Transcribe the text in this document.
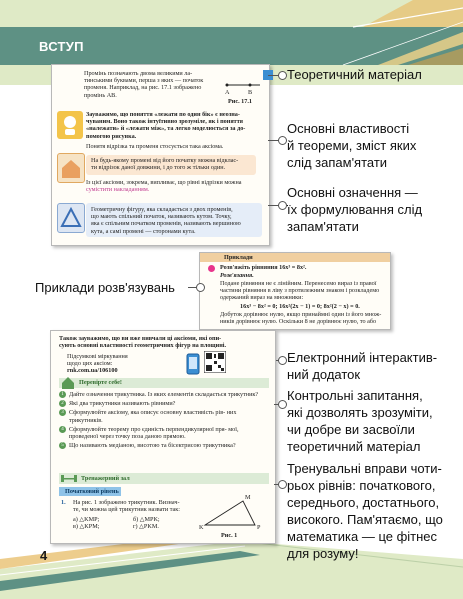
ВСТУП
4
Промінь позначають двома великими ла-
тинськими буквами, перша з яких — початок
променя. Наприклад, на рис. 17.1 зображено
промінь AB.	A	B
Рис. 17.1
Зауважимо, що поняття «лежати по один бік» є неозна-
чуваним. Воно також інтуїтивно зрозуміле, як і поняття
«належати» й «лежати між», та легко моделюється за до-
помогою рисунка.
Понятя відрізка та променя стосується така аксіома.
На будь-якому промені від його початку можна відклас-
ти відрізок даної довжини, і до того ж тільки один.
Із цієї аксіоми, зокрема, випливає, що рівні відрізки можна
сумістити накладанням.
Геометричну фігуру, яка складається з двох променів,
що мають спільний початок, називають кутом. Точку,
яка є спільним початком променів, називають вершиною
кута, а самі промені — сторонами кута.
Теоретичний матеріал
Основні властивості
й теореми, зміст яких
слід запам'ятати
Основні означення —
їх формулювання слід
запам'ятати
Приклади
Розв'яжіть рівняння 16x³ = 8x².
Розв'язання.
Подане рівняння не є лінійним. Перенесемо вираз із правої
частини рівняння в ліву з протилежним знаком і розкладемо
одержаний вираз на множники:
16x³ − 8x² = 0; 16x²(2x − 1) = 0; 8x²(2 − x) = 0.
Добуток дорівнює нулю, якщо принаймні один із його множ-
ників дорівнює нулю. Оскільки 8 не дорівнює нулю, то або
Приклади розв'язувань
Також зауважимо, що ви вже вивчали ці аксіоми, які опи-
сують основні властивості геометричних фігур на площині.
Підсумкові міркування
щодо цих аксіом:
rnk.com.ua/106100
Перевірте себе!
1 Дайте означення трикутника. Із яких елементів складається трикутник?
2 Які два трикутники називають рівними?
3 Сформулюйте аксіому, яка описує основну властивість рів- них трикутників.
4 Сформулюйте теорему про єдиність перпендикулярної пря- мої, проведеної через точку поза даною прямою.
5 Що називають медіаною, висотою та бісектрисою трикутника?
Тренажерний зал
Початковий рівень
1. На рис. 1 зображено трикутник. Визнач-
те, чи можна цей трикутник назвати так:
а) △KMP;	б) △MPK;
в) △KPM;	г) △PKM.
M
K	P
Рис. 1
Електронний інтерактив-
ний додаток
Контрольні запитання,
які дозволять зрозуміти,
чи добре ви засвоїли
теоретичний матеріал
Тренувальні вправи чоти-
рьох рівнів: початкового,
середнього, достатнього,
високого. Пам'ятаємо, що
математика — це фітнес
для розуму!
